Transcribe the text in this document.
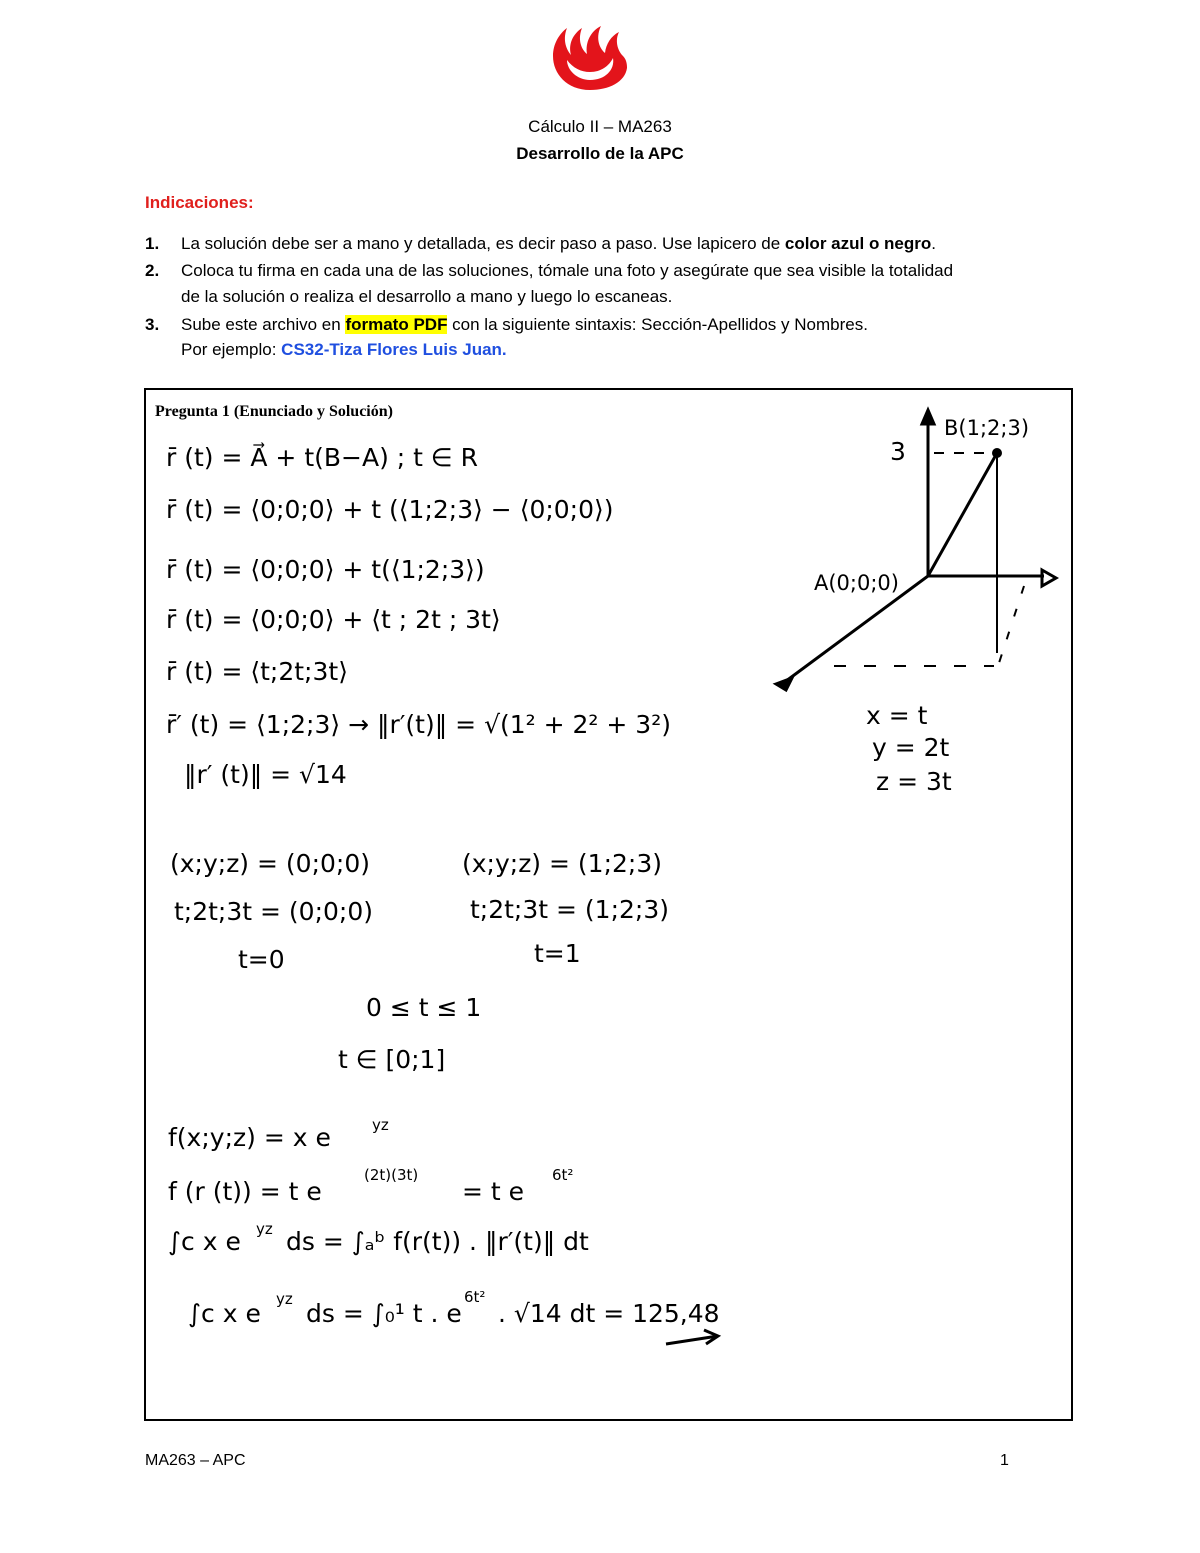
Cálculo II – MA263
Desarrollo de la APC
Indicaciones:
1.	La solución debe ser a mano y detallada, es decir paso a paso. Use lapicero de color azul o negro.
2.	Coloca tu firma en cada una de las soluciones, tómale una foto y asegúrate que sea visible la totalidad
de la solución o realiza el desarrollo a mano y luego lo escaneas.
3.	Sube este archivo en formato PDF con la siguiente sintaxis: Sección-Apellidos y Nombres.
Por ejemplo: CS32-Tiza Flores Luis Juan.
Pregunta 1 (Enunciado y Solución)
r̄ (t) = A⃗ + t(B−A) ; t ∈ R
r̄ (t) = ⟨0;0;0⟩ + t (⟨1;2;3⟩ − ⟨0;0;0⟩)
r̄ (t) = ⟨0;0;0⟩ + t(⟨1;2;3⟩)
r̄ (t) = ⟨0;0;0⟩ + ⟨t ; 2t ; 3t⟩
r̄ (t) = ⟨t;2t;3t⟩
r̄′ (t) = ⟨1;2;3⟩ → ‖r′(t)‖ = √(1² + 2² + 3²)
‖r′ (t)‖ = √14
B(1;2;3)
3
A(0;0;0)
x = t
y = 2t
z = 3t
(x;y;z) = (0;0;0)
t;2t;3t = (0;0;0)
t=0
(x;y;z) = (1;2;3)
t;2t;3t = (1;2;3)
t=1
0 ≤ t ≤ 1
t ∈ [0;1]
f(x;y;z) = x e	yz
f (r (t)) = t e
(2t)(3t)
= t e
6t²
∫c x e yz ds = ∫ₐᵇ f(r(t)) . ‖r′(t)‖ dt
∫c x e yz ds = ∫₀¹ t . e
6t²
. √14 dt = 125,48
MA263 – APC	1
